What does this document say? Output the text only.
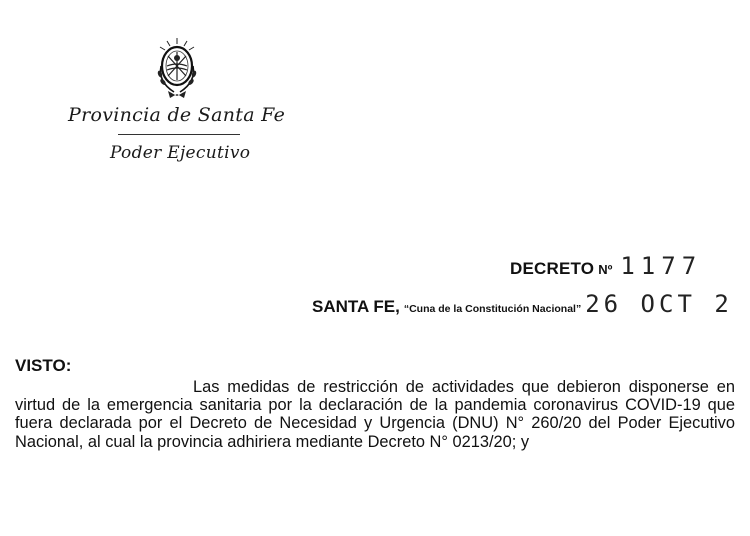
Provincia de Santa Fe
Poder Ejecutivo
DECRETO Nº 1177
SANTA FE, “Cuna de la Constitución Nacional” 26 OCT 2
VISTO:
Las medidas de restricción de actividades que debieron disponerse en virtud de la emergencia sanitaria por la declaración de la pandemia coronavirus COVID-19 que fuera declarada por el Decreto de Necesidad y Urgencia (DNU) N° 260/20 del Poder Ejecutivo Nacional, al cual la provincia adhiriera mediante Decreto N° 0213/20; y
